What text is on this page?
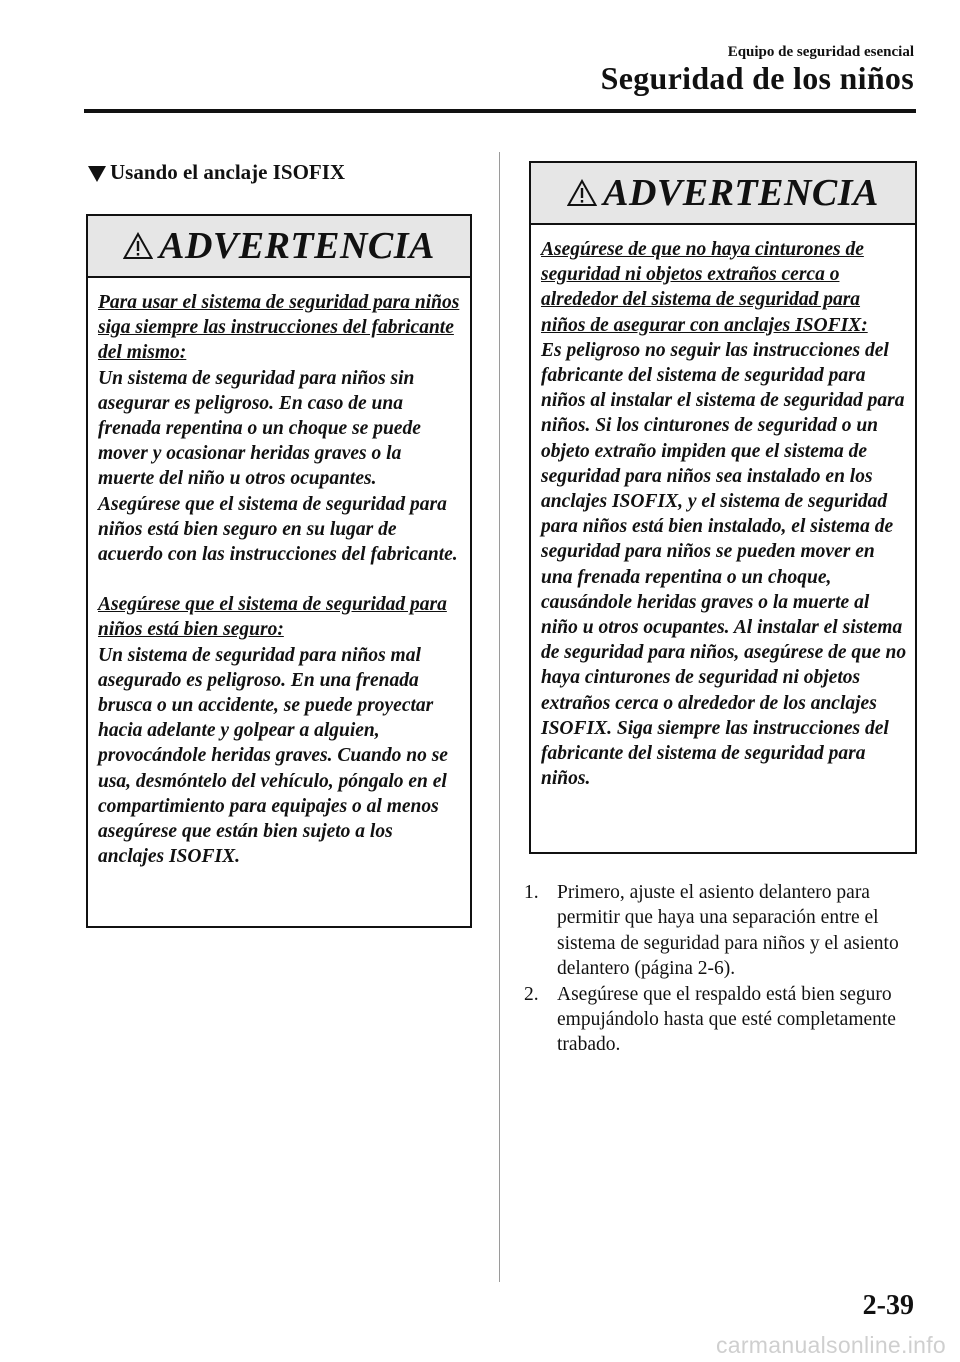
Equipo de seguridad esencial
Seguridad de los niños
Usando el anclaje ISOFIX
ADVERTENCIA
Para usar el sistema de seguridad para niños siga siempre las instrucciones del fabricante del mismo:
Un sistema de seguridad para niños sin asegurar es peligroso. En caso de una frenada repentina o un choque se puede mover y ocasionar heridas graves o la muerte del niño u otros ocupantes. Asegúrese que el sistema de seguridad para niños está bien seguro en su lugar de acuerdo con las instrucciones del fabricante.
Asegúrese que el sistema de seguridad para niños está bien seguro:
Un sistema de seguridad para niños mal asegurado es peligroso. En una frenada brusca o un accidente, se puede proyectar hacia adelante y golpear a alguien, provocándole heridas graves. Cuando no se usa, desmóntelo del vehículo, póngalo en el compartimiento para equipajes o al menos asegúrese que están bien sujeto a los anclajes ISOFIX.
ADVERTENCIA
Asegúrese de que no haya cinturones de seguridad ni objetos extraños cerca o alrededor del sistema de seguridad para niños de asegurar con anclajes ISOFIX:
Es peligroso no seguir las instrucciones del fabricante del sistema de seguridad para niños al instalar el sistema de seguridad para niños. Si los cinturones de seguridad o un objeto extraño impiden que el sistema de seguridad para niños sea instalado en los anclajes ISOFIX, y el sistema de seguridad para niños está bien instalado, el sistema de seguridad para niños se pueden mover en una frenada repentina o un choque, causándole heridas graves o la muerte al niño u otros ocupantes. Al instalar el sistema de seguridad para niños, asegúrese de que no haya cinturones de seguridad ni objetos extraños cerca o alrededor de los anclajes ISOFIX. Siga siempre las instrucciones del fabricante del sistema de seguridad para niños.
1. Primero, ajuste el asiento delantero para permitir que haya una separación entre el sistema de seguridad para niños y el asiento delantero (página 2-6).
2. Asegúrese que el respaldo está bien seguro empujándolo hasta que esté completamente trabado.
2-39
carmanualsonline.info
